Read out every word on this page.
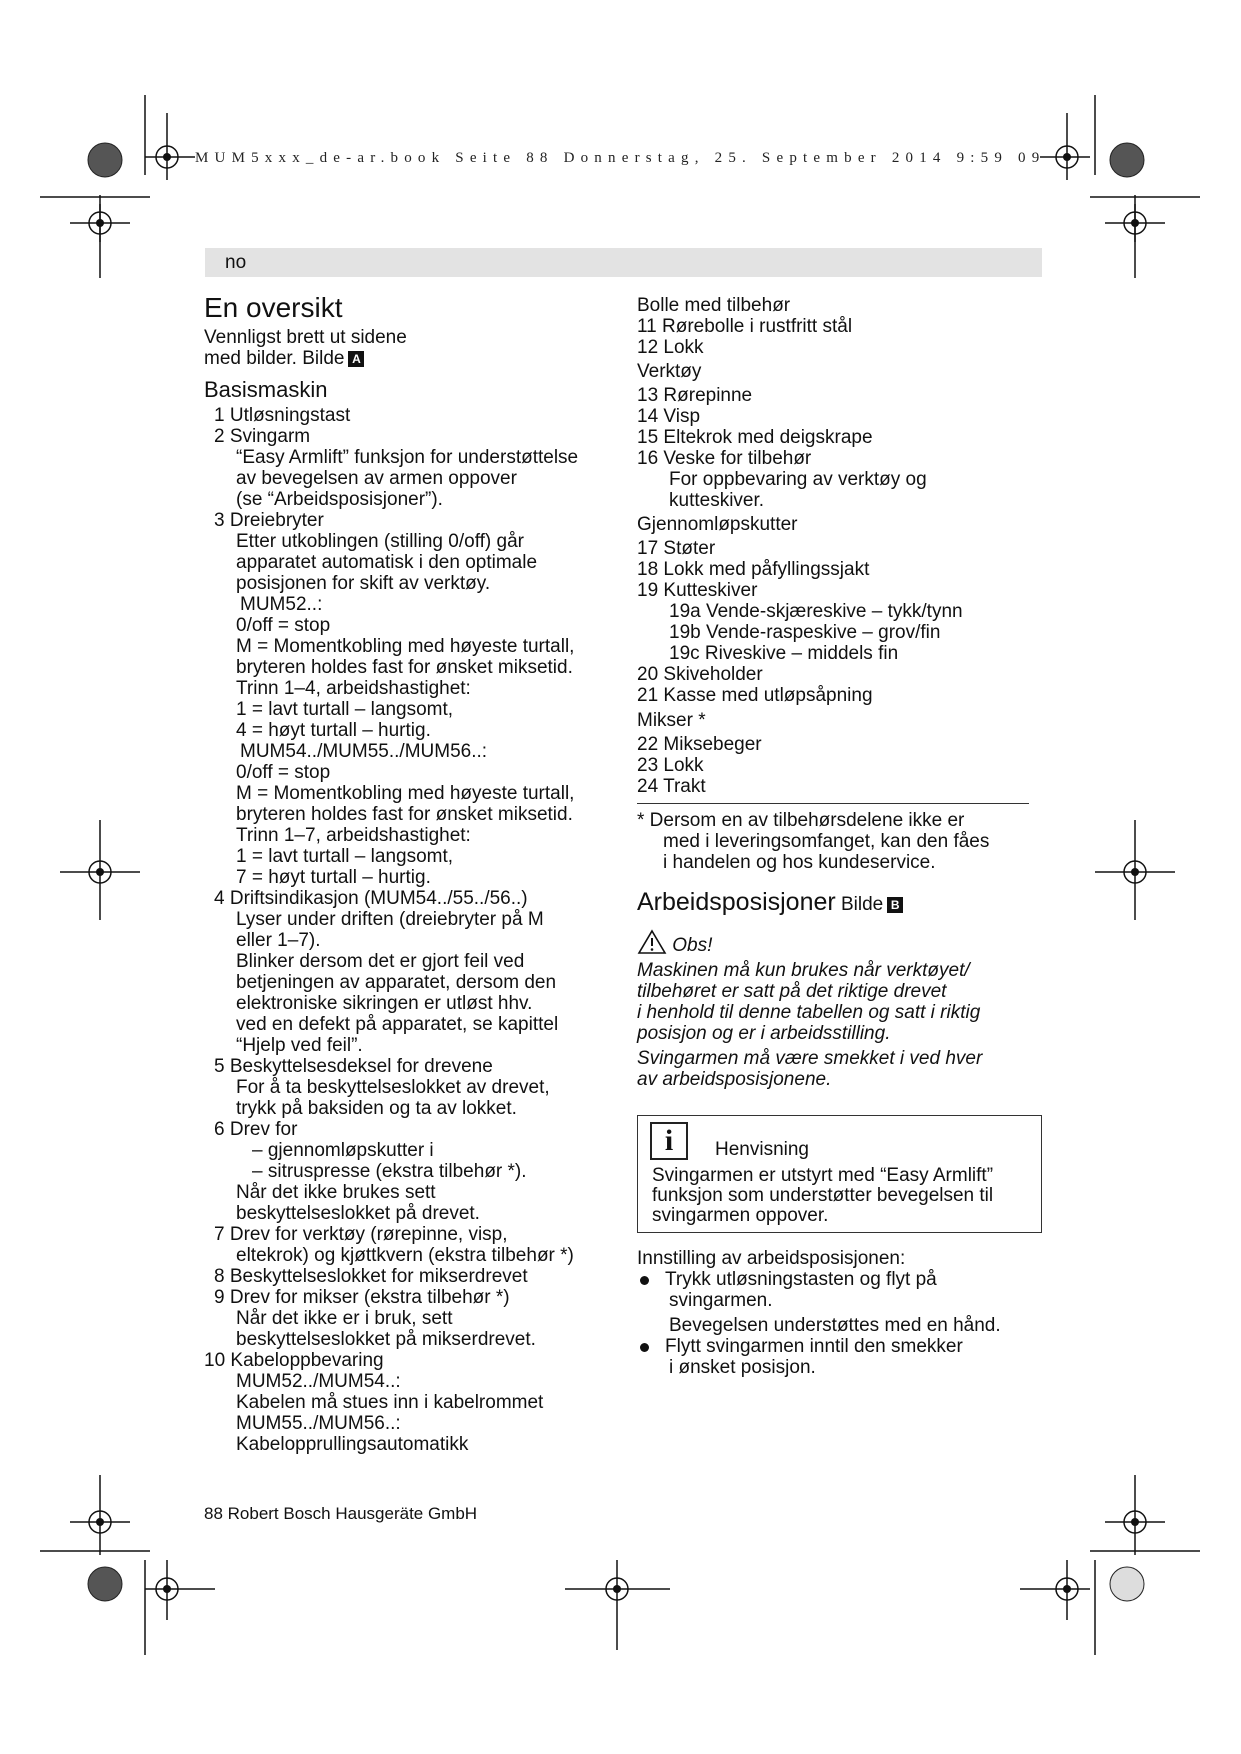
MUM5xxx_de-ar.book Seite 88 Donnerstag, 25. September 2014 9:59 09
no
En oversikt
Vennligst brett ut sidene
med bilder. Bilde A
Basismaskin
1 Utløsningstast
2 Svingarm
“Easy Armlift” funksjon for understøttelse
av bevegelsen av armen oppover
(se “Arbeidsposisjoner”).
3 Dreiebryter
Etter utkoblingen (stilling 0/off) går
apparatet automatisk i den optimale
posisjonen for skift av verktøy.
MUM52..:
0/off = stop
M = Momentkobling med høyeste turtall,
bryteren holdes fast for ønsket miksetid.
Trinn 1–4, arbeidshastighet:
1 = lavt turtall – langsomt,
4 = høyt turtall – hurtig.
MUM54../MUM55../MUM56..:
0/off = stop
M = Momentkobling med høyeste turtall,
bryteren holdes fast for ønsket miksetid.
Trinn 1–7, arbeidshastighet:
1 = lavt turtall – langsomt,
7 = høyt turtall – hurtig.
4 Driftsindikasjon (MUM54../55../56..)
Lyser under driften (dreiebryter på M
eller 1–7).
Blinker dersom det er gjort feil ved
betjeningen av apparatet, dersom den
elektroniske sikringen er utløst hhv.
ved en defekt på apparatet, se kapittel
“Hjelp ved feil”.
5 Beskyttelsesdeksel for drevene
For å ta beskyttelseslokket av drevet,
trykk på baksiden og ta av lokket.
6 Drev for
– gjennomløpskutter i
– sitruspresse (ekstra tilbehør *).
Når det ikke brukes sett
beskyttelseslokket på drevet.
7 Drev for verktøy (rørepinne, visp,
eltekrok) og kjøttkvern (ekstra tilbehør *)
8 Beskyttelseslokket for mikserdrevet
9 Drev for mikser (ekstra tilbehør *)
Når det ikke er i bruk, sett
beskyttelseslokket på mikserdrevet.
10 Kabeloppbevaring
MUM52../MUM54..:
Kabelen må stues inn i kabelrommet
MUM55../MUM56..:
Kabelopprullingsautomatikk
88 Robert Bosch Hausgeräte GmbH
Bolle med tilbehør
11 Rørebolle i rustfritt stål
12 Lokk
Verktøy
13 Rørepinne
14 Visp
15 Eltekrok med deigskrape
16 Veske for tilbehør
For oppbevaring av verktøy og
kutteskiver.
Gjennomløpskutter
17 Støter
18 Lokk med påfyllingssjakt
19 Kutteskiver
19a Vende-skjæreskive – tykk/tynn
19b Vende-raspeskive – grov/fin
19c Riveskive – middels fin
20 Skiveholder
21 Kasse med utløpsåpning
Mikser *
22 Miksebeger
23 Lokk
24 Trakt
* Dersom en av tilbehørsdelene ikke er
med i leveringsomfanget, kan den fåes
i handelen og hos kundeservice.
Arbeidsposisjoner Bilde B
Obs!
Maskinen må kun brukes når verktøyet/
tilbehøret er satt på det riktige drevet
i henhold til denne tabellen og satt i riktig
posisjon og er i arbeidsstilling.
Svingarmen må være smekket i ved hver
av arbeidsposisjonene.
i	Henvisning
Svingarmen er utstyrt med “Easy Armlift”
funksjon som understøtter bevegelsen til
svingarmen oppover.
Innstilling av arbeidsposisjonen:
Trykk utløsningstasten og flyt på
svingarmen.
Bevegelsen understøttes med en hånd.
Flytt svingarmen inntil den smekker
i ønsket posisjon.
